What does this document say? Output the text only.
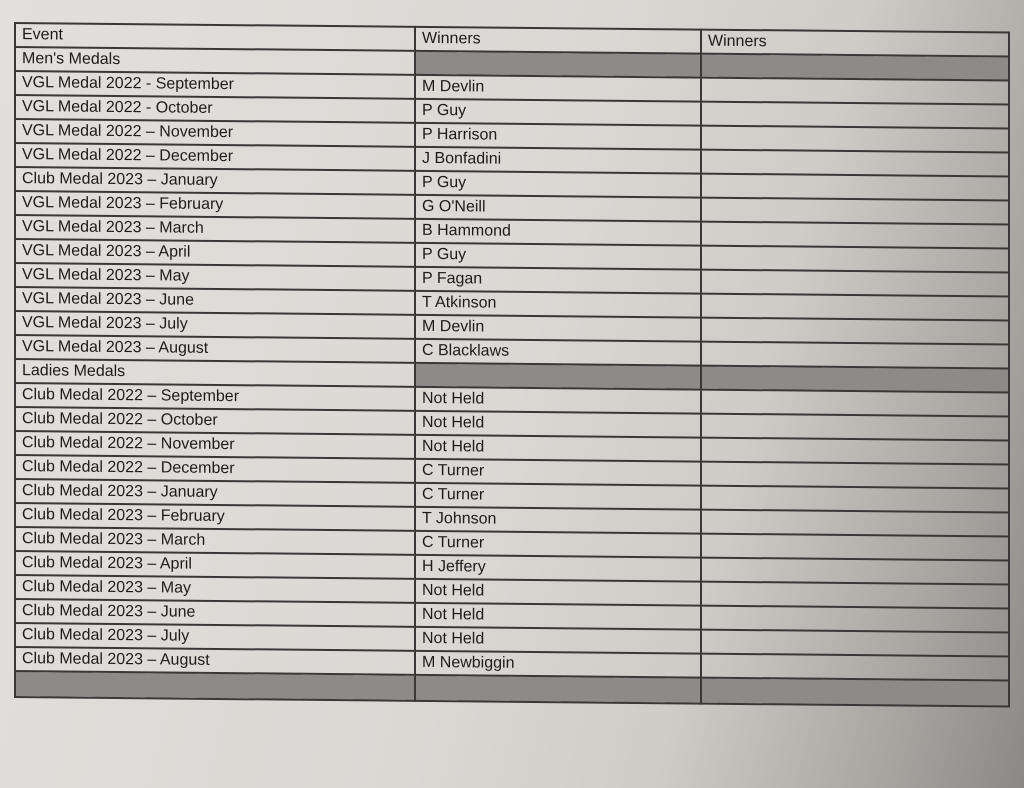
Event	Winners	Winners
Men's Medals		
VGL Medal 2022 - September	M Devlin	
VGL Medal 2022 - October	P Guy	
VGL Medal 2022 – November	P Harrison	
VGL Medal 2022 – December	J Bonfadini	
Club Medal 2023 – January	P Guy	
VGL Medal 2023 – February	G O'Neill	
VGL Medal 2023 – March	B Hammond	
VGL Medal 2023 – April	P Guy	
VGL Medal 2023 – May	P Fagan	
VGL Medal 2023 – June	T Atkinson	
VGL Medal 2023 – July	M Devlin	
VGL Medal 2023 – August	C Blacklaws	
Ladies Medals		
Club Medal 2022 – September	Not Held	
Club Medal 2022 – October	Not Held	
Club Medal 2022 – November	Not Held	
Club Medal 2022 – December	C Turner	
Club Medal 2023 – January	C Turner	
Club Medal 2023 – February	T Johnson	
Club Medal 2023 – March	C Turner	
Club Medal 2023 – April	H Jeffery	
Club Medal 2023 – May	Not Held	
Club Medal 2023 – June	Not Held	
Club Medal 2023 – July	Not Held	
Club Medal 2023 – August	M Newbiggin	
